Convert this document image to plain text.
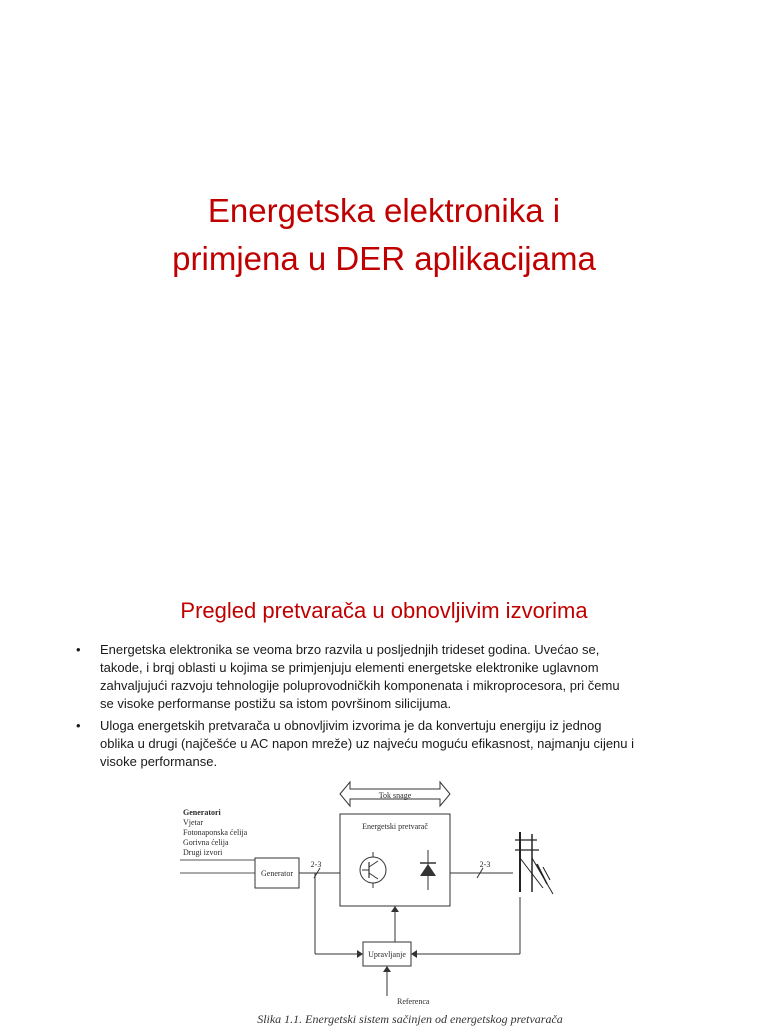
Energetska elektronika i
primjena u DER aplikacijama
Pregled pretvarača u obnovljivim izvorima
• Energetska elektronika se veoma brzo razvila u posljednjih trideset godina. Uvećao se,
takode, i brqj oblasti u kojima se primjenjuju elementi energetske elektronike uglavnom
zahvaljujući razvoju tehnologije poluprovodničkih komponenata i mikroprocesora, pri čemu
se visoke performanse postižu sa istom površinom silicijuma.
• Uloga energetskih pretvarača u obnovljivim izvorima je da konvertuju energiju iz jednog
oblika u drugi (najčešće u AC napon mreže) uz najveću moguću efikasnost, najmanju cijenu i
visoke performanse.
Tok snage
Generatori
Vjetar
Fotonaponska ćelija
Gorivna ćelija
Drugi izvori
Generator
2-3
Energetski pretvarač
2-3
Upravljanje
Referenca
Slika 1.1. Energetski sistem sačinjen od energetskog pretvarača
